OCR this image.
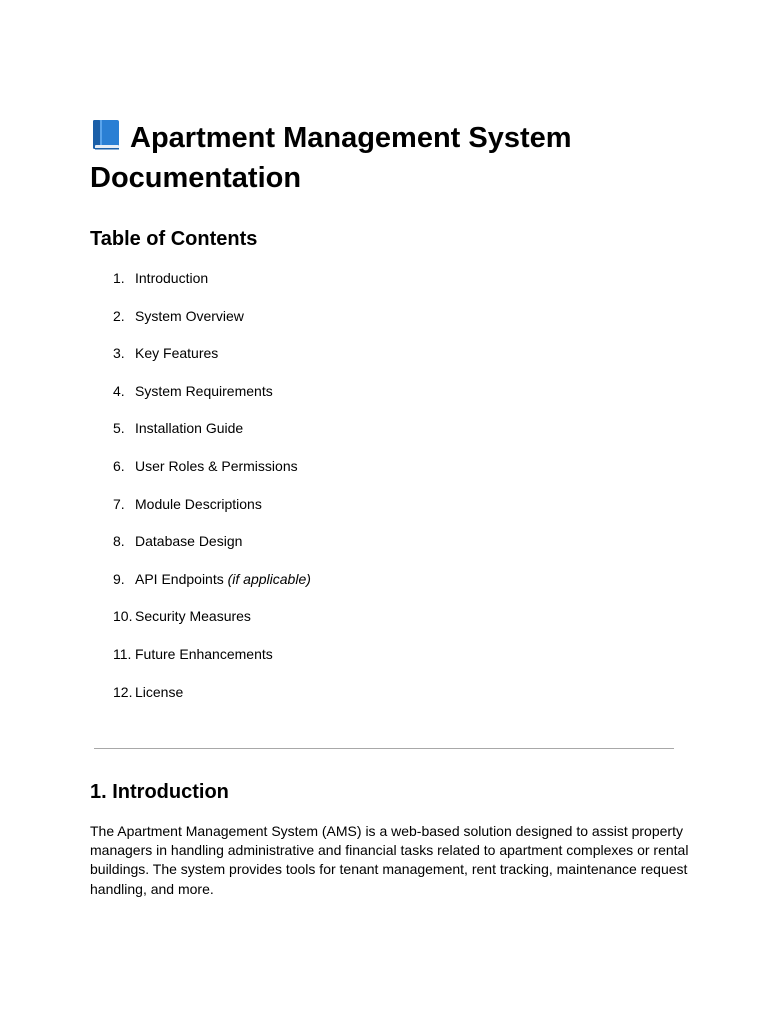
Apartment Management System Documentation
Table of Contents
1. Introduction
2. System Overview
3. Key Features
4. System Requirements
5. Installation Guide
6. User Roles & Permissions
7. Module Descriptions
8. Database Design
9. API Endpoints (if applicable)
10. Security Measures
11. Future Enhancements
12. License
1. Introduction

The Apartment Management System (AMS) is a web-based solution designed to assist property managers in handling administrative and financial tasks related to apartment complexes or rental buildings. The system provides tools for tenant management, rent tracking, maintenance request handling, and more.
